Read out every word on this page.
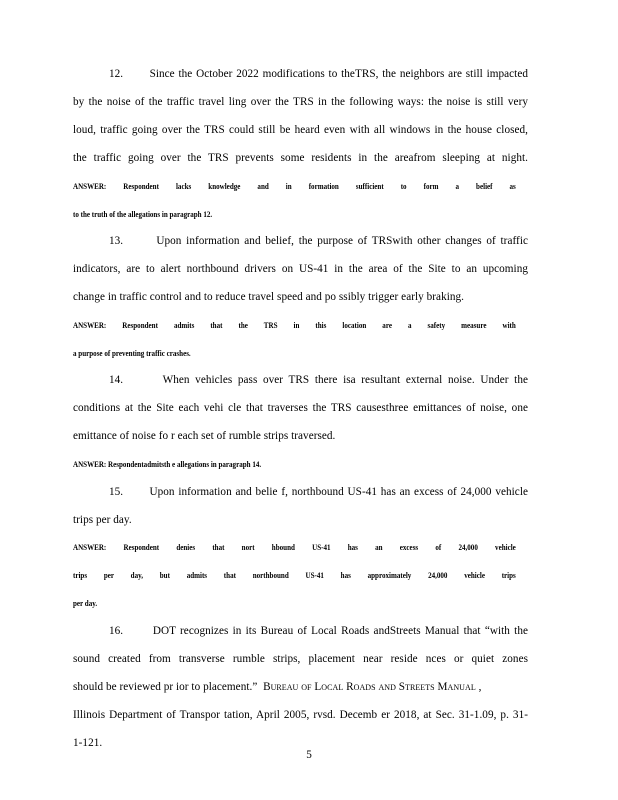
12.       Since the October 2022 modifications to theTRS, the neighbors are still impacted
by the noise of the traffic travel ling over the TRS in the following ways: the noise is still very
loud, traffic going over the TRS could still be heard even with all windows in the house closed,
the traffic going over the TRS prevents some residents in the areafrom sleeping at night.
ANSWER: Respondent lacks knowledge and in formation sufficient to form a belief as
to the truth of the allegations in paragraph 12.
13.       Upon information and belief, the purpose of TRSwith other changes of traffic
indicators, are to alert northbound drivers on US-41 in the area of the Site to an upcoming
change in traffic control and to reduce travel speed and po ssibly trigger early braking.
ANSWER: Respondent admits that the TRS in this location are a safety measure with
a purpose of preventing traffic crashes.
14.       When vehicles pass over TRS there isa resultant external noise. Under the
conditions at the Site each vehi cle that traverses the TRS causesthree emittances of noise, one
emittance of noise fo r each set of rumble strips traversed.
ANSWER: Respondentadmitsth e allegations in paragraph 14.
15.       Upon information and belie f, northbound US-41 has an excess of 24,000 vehicle
trips per day.
ANSWER: Respondent denies that nort hbound US-41 has an excess of 24,000 vehicle
trips per day, but admits that northbound US-41 has approximately 24,000 vehicle trips
per day.
16.       DOT recognizes in its Bureau of Local Roads andStreets Manual that “with the
sound created from transverse rumble strips, placement near reside nces or quiet zones
should be reviewed pr ior to placement.”  Bureau of Local Roads and Streets Manual ,
Illinois Department of Transpor tation, April 2005, rvsd. Decemb er 2018, at Sec. 31-1.09, p. 31-
1-121.
5
